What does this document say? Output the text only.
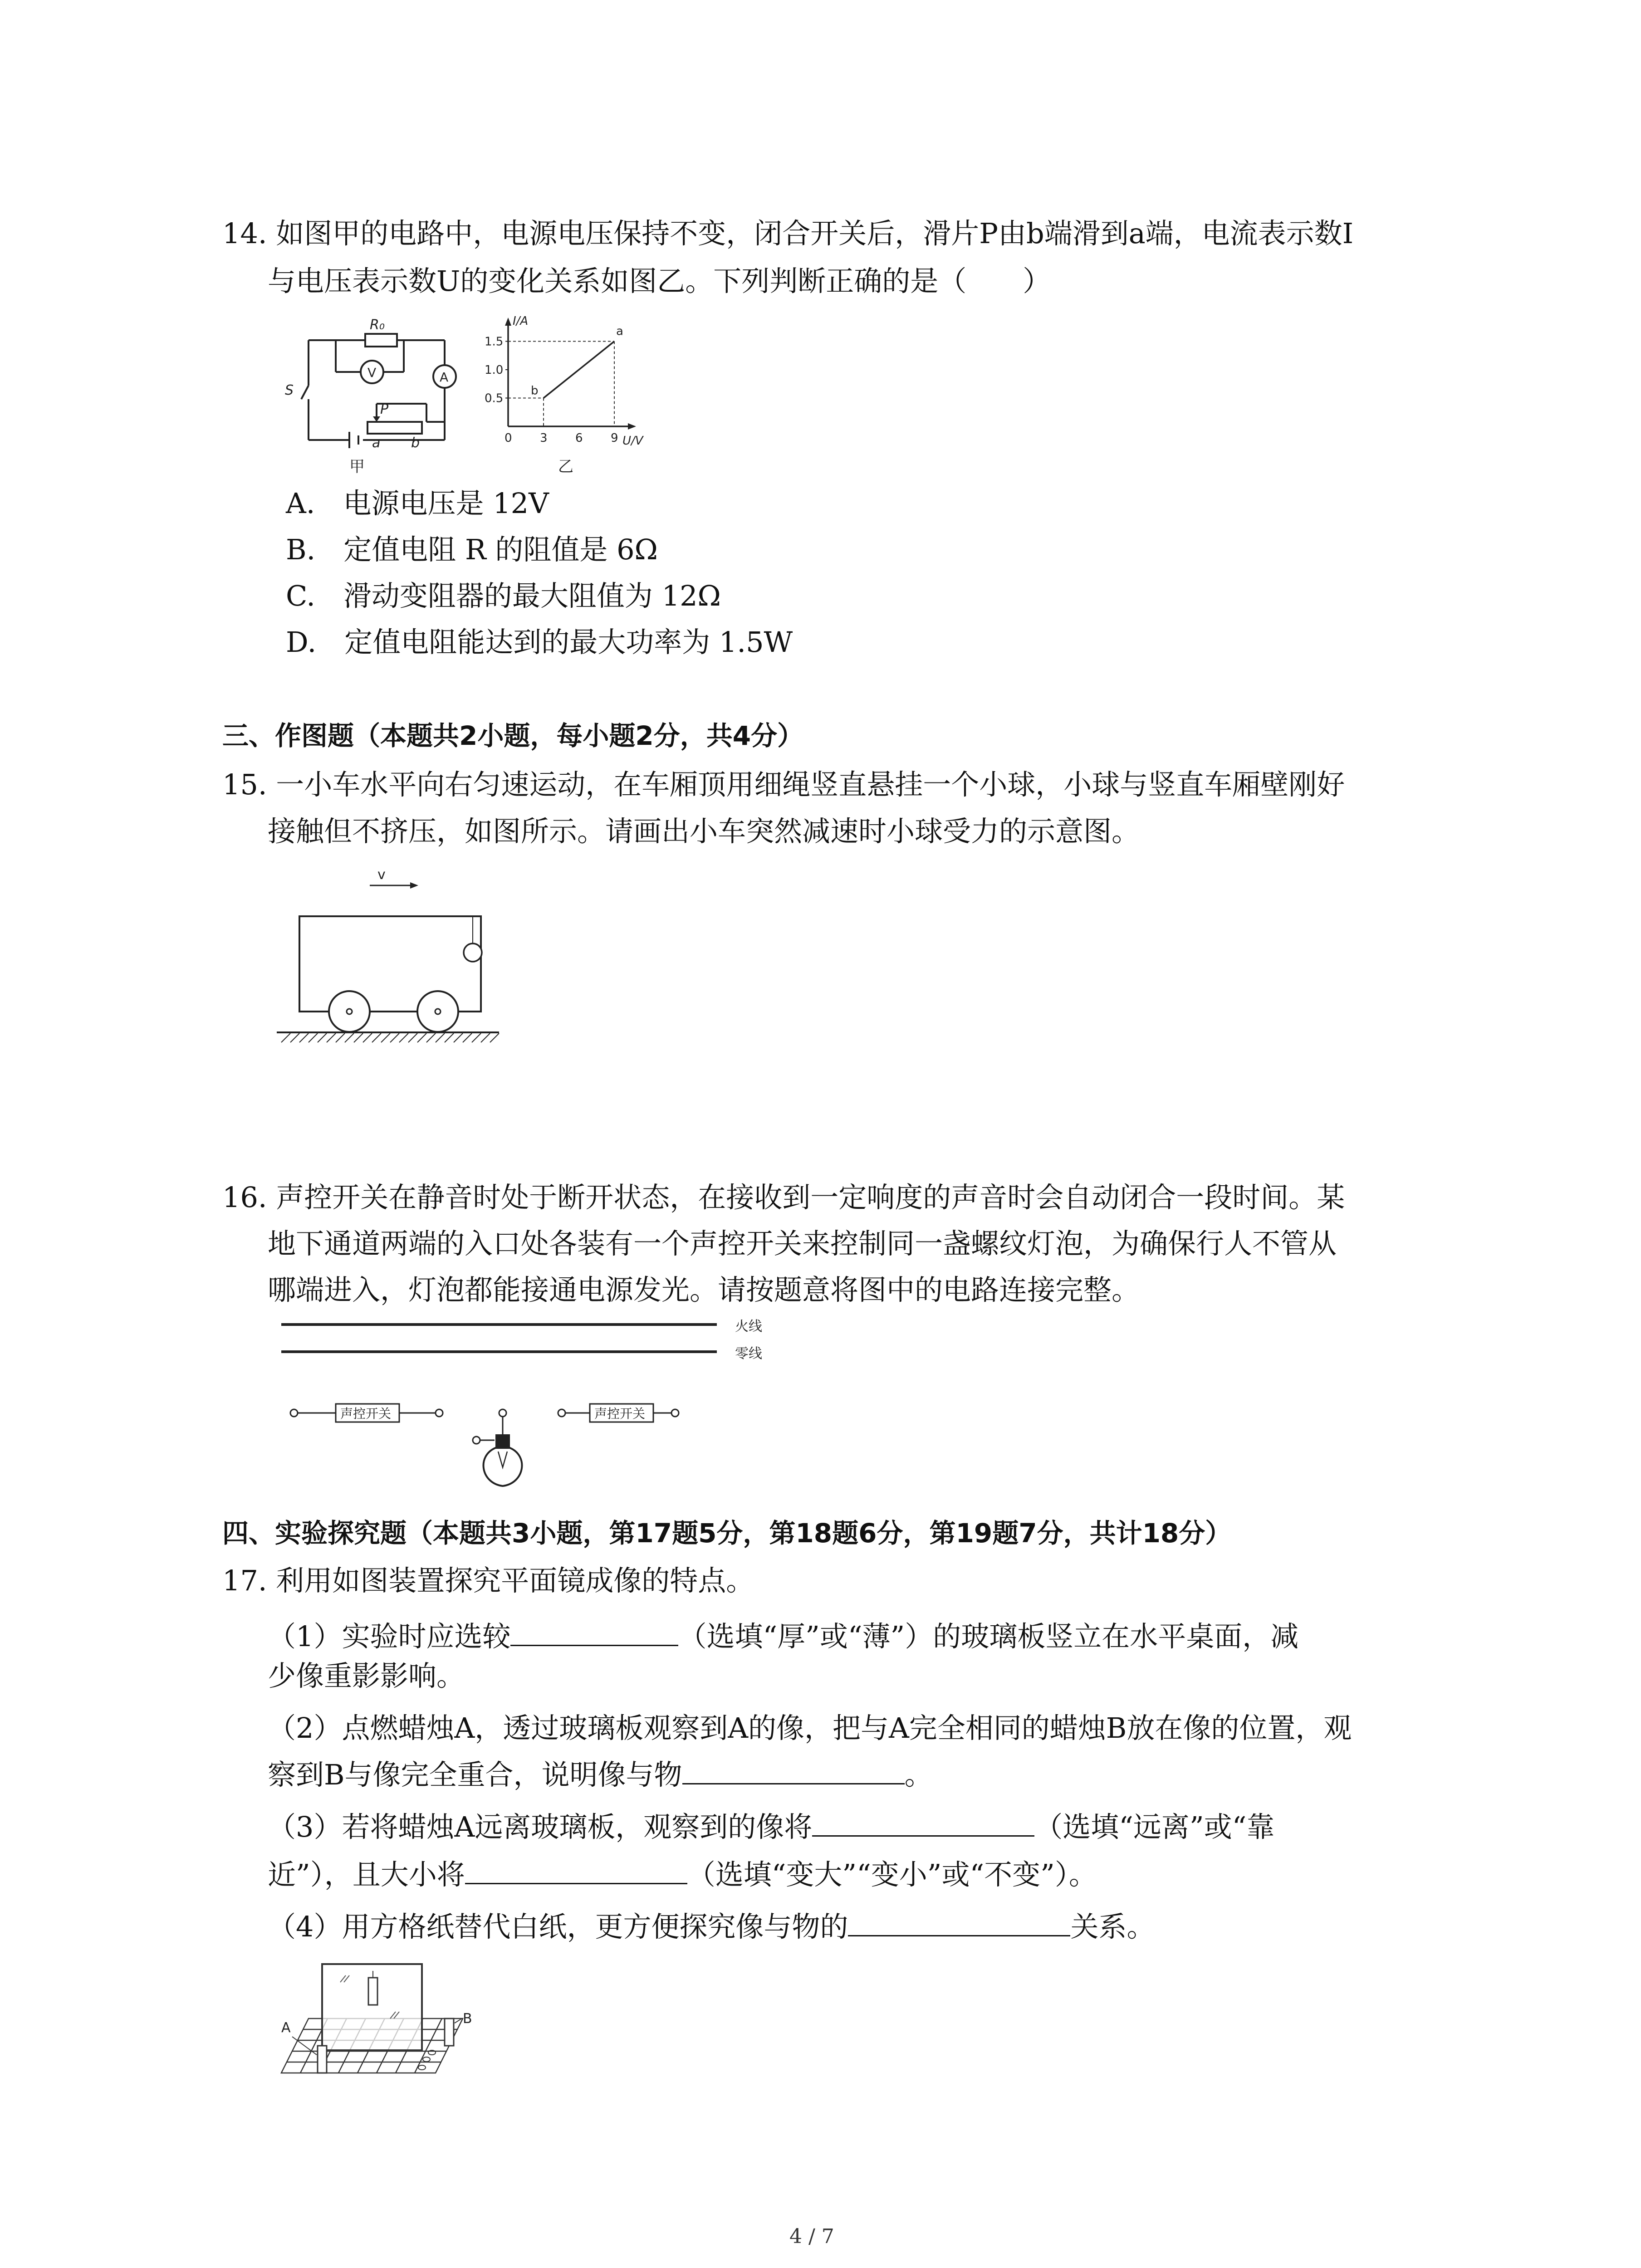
14. 如图甲的电路中，电源电压保持不变，闭合开关后，滑片P由b端滑到a端，电流表示数I
与电压表示数U的变化关系如图乙。下列判断正确的是（　　）
R₀
V	A
S
P
a b
甲
b
a
1.5
1.0
0.5
0 3 6 9
I/A
U/V
乙
A.　电源电压是 12V
B.　定值电阻 R 的阻值是 6Ω
C.　滑动变阻器的最大阻值为 12Ω
D.　定值电阻能达到的最大功率为 1.5W
三、作图题（本题共2小题，每小题2分，共4分）
15. 一小车水平向右匀速运动，在车厢顶用细绳竖直悬挂一个小球，小球与竖直车厢壁刚好
接触但不挤压，如图所示。请画出小车突然减速时小球受力的示意图。
v
16. 声控开关在静音时处于断开状态，在接收到一定响度的声音时会自动闭合一段时间。某
地下通道两端的入口处各装有一个声控开关来控制同一盏螺纹灯泡，为确保行人不管从
哪端进入，灯泡都能接通电源发光。请按题意将图中的电路连接完整。
火线
零线
声控开关	声控开关
四、实验探究题（本题共3小题，第17题5分，第18题6分，第19题7分，共计18分）
17. 利用如图装置探究平面镜成像的特点。
（1）实验时应选较	（选填“厚”或“薄”）的玻璃板竖立在水平桌面，减
少像重影影响。
（2）点燃蜡烛A，透过玻璃板观察到A的像，把与A完全相同的蜡烛B放在像的位置，观
察到B与像完全重合，说明像与物	。
（3）若将蜡烛A远离玻璃板，观察到的像将	（选填“远离”或“靠
近”），且大小将	（选填“变大”“变小”或“不变”）。
（4）用方格纸替代白纸，更方便探究像与物的	关系。
A
B
4 / 7
